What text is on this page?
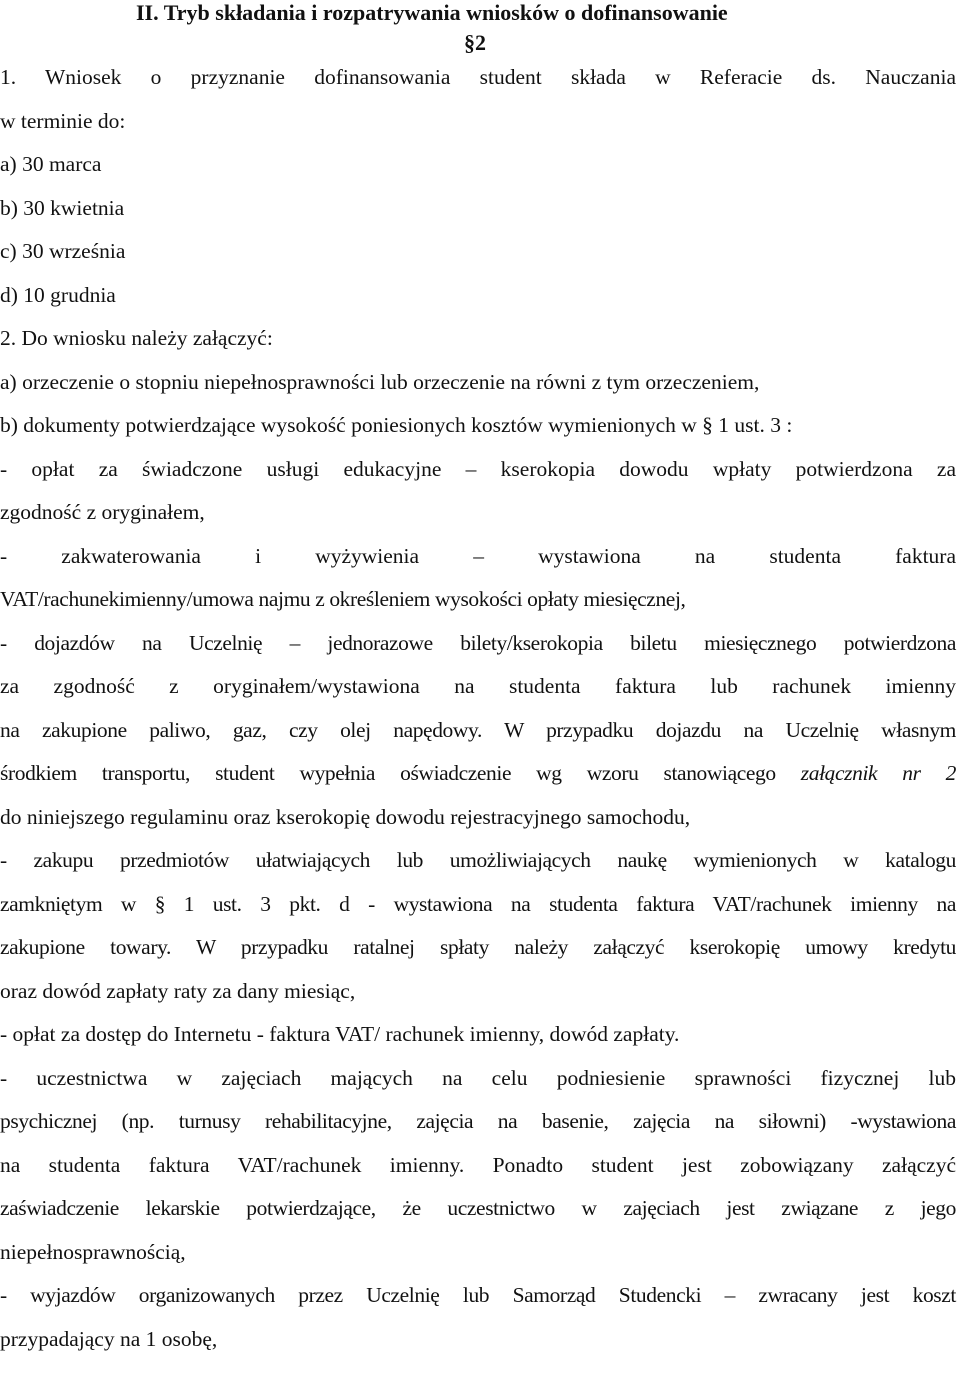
II. Tryb składania i rozpatrywania wniosków o dofinansowanie
§2
1. Wniosek o przyznanie dofinansowania student składa w Referacie ds. Nauczania
w terminie do:
a) 30 marca
b) 30 kwietnia
c) 30 września
d) 10 grudnia
2. Do wniosku należy załączyć:
a) orzeczenie o stopniu niepełnosprawności lub orzeczenie na równi z tym orzeczeniem,
b) dokumenty potwierdzające wysokość poniesionych kosztów wymienionych w § 1 ust. 3 :
- opłat za świadczone usługi edukacyjne – kserokopia dowodu wpłaty potwierdzona za
zgodność z oryginałem,
- zakwaterowania i wyżywienia – wystawiona na studenta faktura
VAT/rachunekimienny/umowa najmu z określeniem wysokości opłaty miesięcznej,
- dojazdów na Uczelnię – jednorazowe bilety/kserokopia biletu miesięcznego potwierdzona
za zgodność z oryginałem/wystawiona na studenta faktura lub rachunek imienny
na zakupione paliwo, gaz, czy olej napędowy. W przypadku dojazdu na Uczelnię własnym
środkiem transportu, student wypełnia oświadczenie wg wzoru stanowiącego załącznik nr 2
do niniejszego regulaminu oraz kserokopię dowodu rejestracyjnego samochodu,
- zakupu przedmiotów ułatwiających lub umożliwiających naukę wymienionych w katalogu
zamkniętym w § 1 ust. 3 pkt. d - wystawiona na studenta faktura VAT/rachunek imienny na
zakupione towary. W przypadku ratalnej spłaty należy załączyć kserokopię umowy kredytu
oraz dowód zapłaty raty za dany miesiąc,
- opłat za dostęp do Internetu - faktura VAT/ rachunek imienny, dowód zapłaty.
- uczestnictwa w zajęciach mających na celu podniesienie sprawności fizycznej lub
psychicznej (np. turnusy rehabilitacyjne, zajęcia na basenie, zajęcia na siłowni) -wystawiona
na studenta faktura VAT/rachunek imienny. Ponadto student jest zobowiązany załączyć
zaświadczenie lekarskie potwierdzające, że uczestnictwo w zajęciach jest związane z jego
niepełnosprawnością,
- wyjazdów organizowanych przez Uczelnię lub Samorząd Studencki – zwracany jest koszt
przypadający na 1 osobę,
